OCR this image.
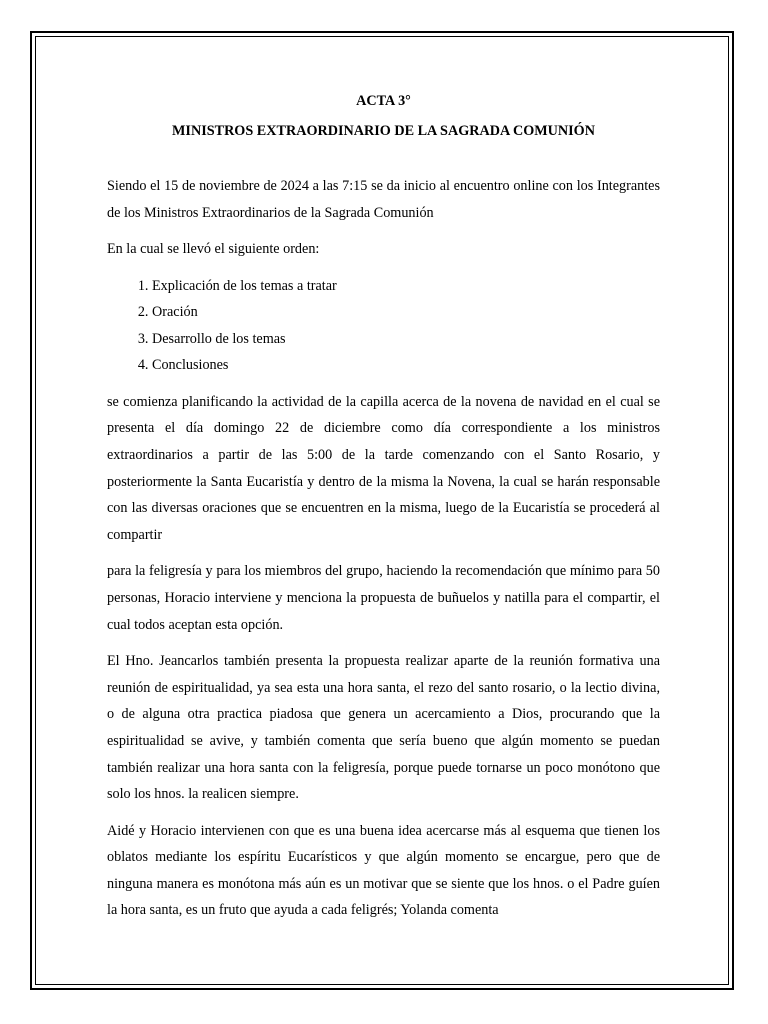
ACTA 3°
MINISTROS EXTRAORDINARIO DE LA SAGRADA COMUNIÓN

Siendo el 15 de noviembre de 2024 a las 7:15 se da inicio al encuentro online con los Integrantes de los Ministros Extraordinarios de la Sagrada Comunión

En la cual se llevó el siguiente orden:

1. Explicación de los temas a tratar
2. Oración
3. Desarrollo de los temas
4. Conclusiones

se comienza planificando la actividad de la capilla acerca de la novena de navidad en el cual se presenta el día domingo 22 de diciembre como día correspondiente a los ministros extraordinarios a partir de las 5:00 de la tarde comenzando con el Santo Rosario, y posteriormente la Santa Eucaristía y dentro de la misma la Novena, la cual se harán responsable con las diversas oraciones que se encuentren en la misma, luego de la Eucaristía se procederá al compartir

para la feligresía y para los miembros del grupo, haciendo la recomendación que mínimo para 50 personas, Horacio interviene y menciona la propuesta de buñuelos y natilla para el compartir, el cual todos aceptan esta opción.

El Hno. Jeancarlos también presenta la propuesta realizar aparte de la reunión formativa una reunión de espiritualidad, ya sea esta una hora santa, el rezo del santo rosario, o la lectio divina, o de alguna otra practica piadosa que genera un acercamiento a Dios, procurando que la espiritualidad se avive, y también comenta que sería bueno que algún momento se puedan también realizar una hora santa con la feligresía, porque puede tornarse un poco monótono que solo los hnos. la realicen siempre.

Aidé y Horacio intervienen con que es una buena idea acercarse más al esquema que tienen los oblatos mediante los espíritu Eucarísticos y que algún momento se encargue, pero que de ninguna manera es monótona más aún es un motivar que se siente que los hnos. o el Padre guíen la hora santa, es un fruto que ayuda a cada feligrés; Yolanda comenta
